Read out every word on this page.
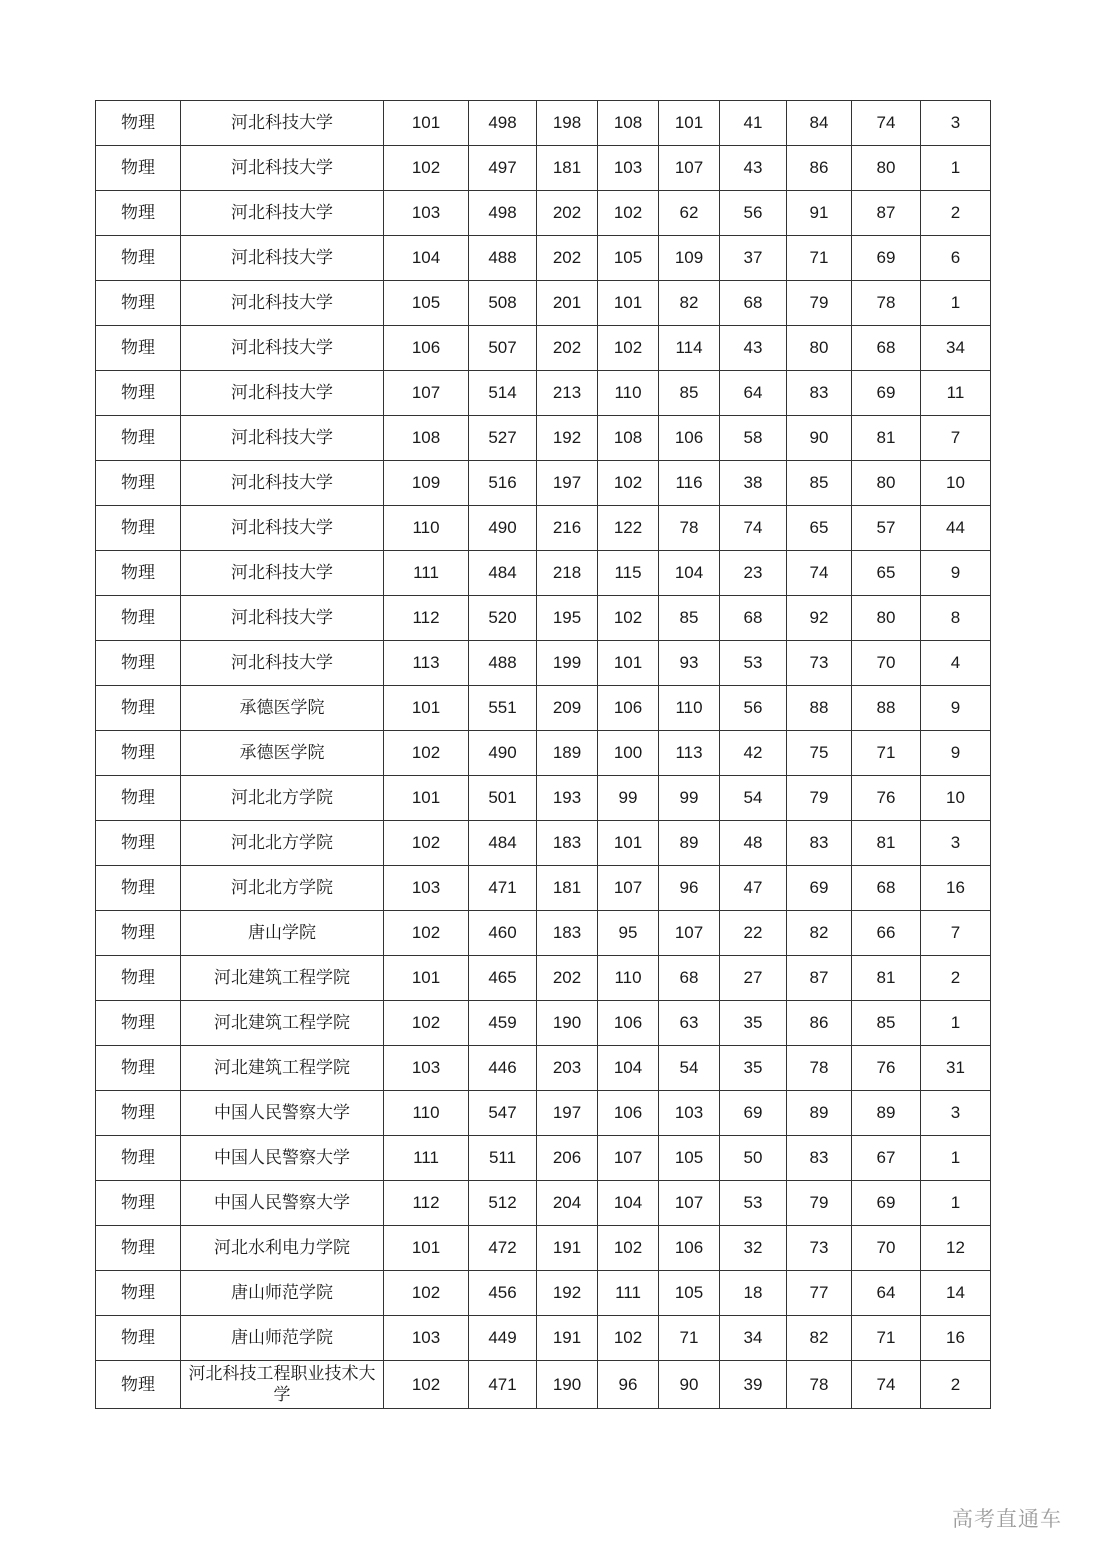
物理	河北科技大学	101	498	198	108	101	41	84	74	3
物理	河北科技大学	102	497	181	103	107	43	86	80	1
物理	河北科技大学	103	498	202	102	62	56	91	87	2
物理	河北科技大学	104	488	202	105	109	37	71	69	6
物理	河北科技大学	105	508	201	101	82	68	79	78	1
物理	河北科技大学	106	507	202	102	114	43	80	68	34
物理	河北科技大学	107	514	213	110	85	64	83	69	11
物理	河北科技大学	108	527	192	108	106	58	90	81	7
物理	河北科技大学	109	516	197	102	116	38	85	80	10
物理	河北科技大学	110	490	216	122	78	74	65	57	44
物理	河北科技大学	111	484	218	115	104	23	74	65	9
物理	河北科技大学	112	520	195	102	85	68	92	80	8
物理	河北科技大学	113	488	199	101	93	53	73	70	4
物理	承德医学院	101	551	209	106	110	56	88	88	9
物理	承德医学院	102	490	189	100	113	42	75	71	9
物理	河北北方学院	101	501	193	99	99	54	79	76	10
物理	河北北方学院	102	484	183	101	89	48	83	81	3
物理	河北北方学院	103	471	181	107	96	47	69	68	16
物理	唐山学院	102	460	183	95	107	22	82	66	7
物理	河北建筑工程学院	101	465	202	110	68	27	87	81	2
物理	河北建筑工程学院	102	459	190	106	63	35	86	85	1
物理	河北建筑工程学院	103	446	203	104	54	35	78	76	31
物理	中国人民警察大学	110	547	197	106	103	69	89	89	3
物理	中国人民警察大学	111	511	206	107	105	50	83	67	1
物理	中国人民警察大学	112	512	204	104	107	53	79	69	1
物理	河北水利电力学院	101	472	191	102	106	32	73	70	12
物理	唐山师范学院	102	456	192	111	105	18	77	64	14
物理	唐山师范学院	103	449	191	102	71	34	82	71	16
物理	河北科技工程职业技术大学	102	471	190	96	90	39	78	74	2
高考直通车
